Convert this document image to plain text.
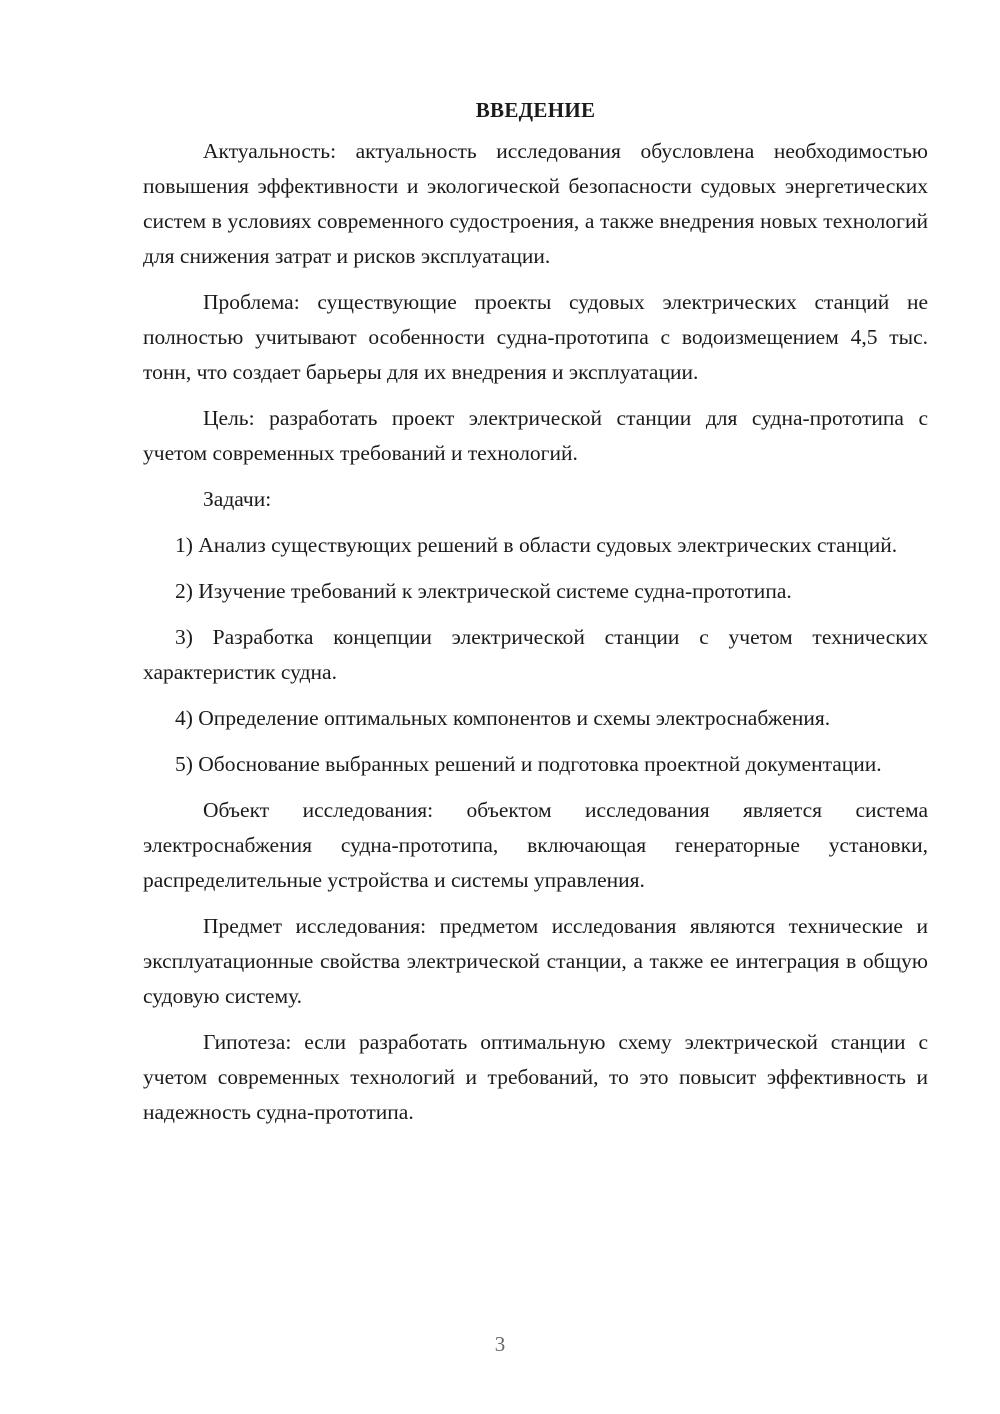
ВВЕДЕНИЕ

Актуальность: актуальность исследования обусловлена необходимостью повышения эффективности и экологической безопасности судовых энергетических систем в условиях современного судостроения, а также внедрения новых технологий для снижения затрат и рисков эксплуатации.

Проблема: существующие проекты судовых электрических станций не полностью учитывают особенности судна-прототипа с водоизмещением 4,5 тыс. тонн, что создает барьеры для их внедрения и эксплуатации.

Цель: разработать проект электрической станции для судна-прототипа с учетом современных требований и технологий.

Задачи:

1) Анализ существующих решений в области судовых электрических станций.

2) Изучение требований к электрической системе судна-прототипа.

3) Разработка концепции электрической станции с учетом технических характеристик судна.

4) Определение оптимальных компонентов и схемы электроснабжения.

5) Обоснование выбранных решений и подготовка проектной документации.

Объект исследования: объектом исследования является система электроснабжения судна-прототипа, включающая генераторные установки, распределительные устройства и системы управления.

Предмет исследования: предметом исследования являются технические и эксплуатационные свойства электрической станции, а также ее интеграция в общую судовую систему.

Гипотеза: если разработать оптимальную схему электрической станции с учетом современных технологий и требований, то это повысит эффективность и надежность судна-прототипа.

3
